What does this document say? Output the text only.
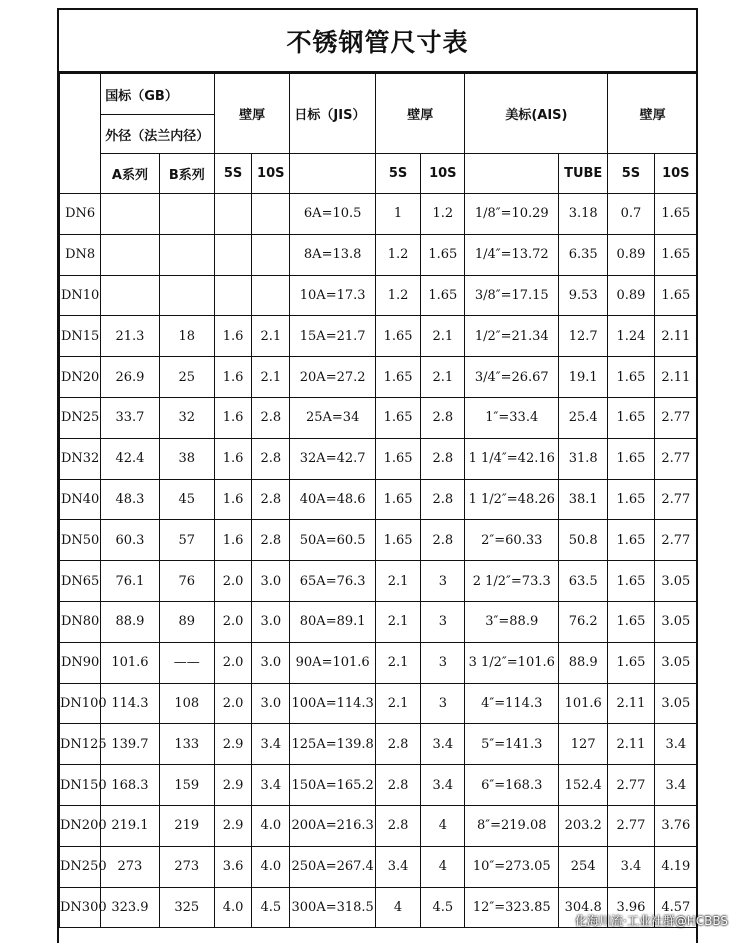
不锈钢管尺寸表
	国标（GB）		壁厚		日标（JIS）	壁厚		美标(AIS)		壁厚	
	外径（法兰内径）										
	A系列	B系列	5S	10S		5S	10S		TUBE	5S	10S
DN6					6A=10.5	1	1.2	1/8″=10.29	3.18	0.7	1.65
DN8					8A=13.8	1.2	1.65	1/4″=13.72	6.35	0.89	1.65
DN10					10A=17.3	1.2	1.65	3/8″=17.15	9.53	0.89	1.65
DN15	21.3	18	1.6	2.1	15A=21.7	1.65	2.1	1/2″=21.34	12.7	1.24	2.11
DN20	26.9	25	1.6	2.1	20A=27.2	1.65	2.1	3/4″=26.67	19.1	1.65	2.11
DN25	33.7	32	1.6	2.8	25A=34	1.65	2.8	1″=33.4	25.4	1.65	2.77
DN32	42.4	38	1.6	2.8	32A=42.7	1.65	2.8	1 1/4″=42.16	31.8	1.65	2.77
DN40	48.3	45	1.6	2.8	40A=48.6	1.65	2.8	1 1/2″=48.26	38.1	1.65	2.77
DN50	60.3	57	1.6	2.8	50A=60.5	1.65	2.8	2″=60.33	50.8	1.65	2.77
DN65	76.1	76	2.0	3.0	65A=76.3	2.1	3	2 1/2″=73.3	63.5	1.65	3.05
DN80	88.9	89	2.0	3.0	80A=89.1	2.1	3	3″=88.9	76.2	1.65	3.05
DN90	101.6	——	2.0	3.0	90A=101.6	2.1	3	3 1/2″=101.6	88.9	1.65	3.05
DN100	114.3	108	2.0	3.0	100A=114.3	2.1	3	4″=114.3	101.6	2.11	3.05
DN125	139.7	133	2.9	3.4	125A=139.8	2.8	3.4	5″=141.3	127	2.11	3.4
DN150	168.3	159	2.9	3.4	150A=165.2	2.8	3.4	6″=168.3	152.4	2.77	3.4
DN200	219.1	219	2.9	4.0	200A=216.3	2.8	4	8″=219.08	203.2	2.77	3.76
DN250	273	273	3.6	4.0	250A=267.4	3.4	4	10″=273.05	254	3.4	4.19
DN300	323.9	325	4.0	4.5	300A=318.5	4	4.5	12″=323.85	304.8	3.96	4.57
化海川流·工业社群@HCBBS
